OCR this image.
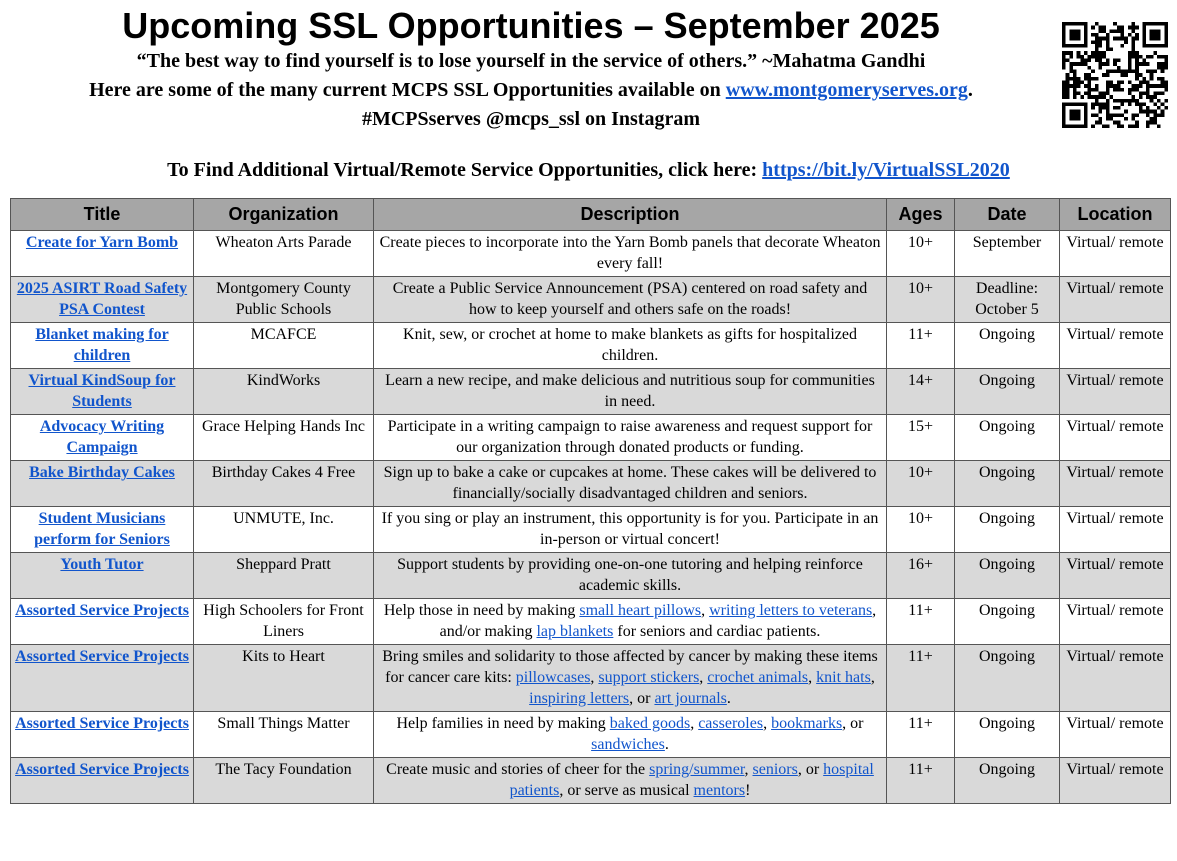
Upcoming SSL Opportunities – September 2025
“The best way to find yourself is to lose yourself in the service of others.” ~Mahatma Gandhi
Here are some of the many current MCPS SSL Opportunities available on www.montgomeryserves.org.
#MCPSserves @mcps_ssl on Instagram
To Find Additional Virtual/Remote Service Opportunities, click here: https://bit.ly/VirtualSSL2020
Title	Organization	Description	Ages	Date	Location
Create for Yarn Bomb	Wheaton Arts Parade	Create pieces to incorporate into the Yarn Bomb panels that decorate Wheaton every fall!	10+	September	Virtual/ remote
2025 ASIRT Road Safety PSA Contest	Montgomery County Public Schools	Create a Public Service Announcement (PSA) centered on road safety and how to keep yourself and others safe on the roads!	10+	Deadline: October 5	Virtual/ remote
Blanket making for children	MCAFCE	Knit, sew, or crochet at home to make blankets as gifts for hospitalized children.	11+	Ongoing	Virtual/ remote
Virtual KindSoup for Students	KindWorks	Learn a new recipe, and make delicious and nutritious soup for communities in need.	14+	Ongoing	Virtual/ remote
Advocacy Writing Campaign	Grace Helping Hands Inc	Participate in a writing campaign to raise awareness and request support for our organization through donated products or funding.	15+	Ongoing	Virtual/ remote
Bake Birthday Cakes	Birthday Cakes 4 Free	Sign up to bake a cake or cupcakes at home. These cakes will be delivered to financially/socially disadvantaged children and seniors.	10+	Ongoing	Virtual/ remote
Student Musicians perform for Seniors	UNMUTE, Inc.	If you sing or play an instrument, this opportunity is for you. Participate in an in-person or virtual concert!	10+	Ongoing	Virtual/ remote
Youth Tutor	Sheppard Pratt	Support students by providing one-on-one tutoring and helping reinforce academic skills.	16+	Ongoing	Virtual/ remote
Assorted Service Projects	High Schoolers for Front Liners	Help those in need by making small heart pillows, writing letters to veterans, and/or making lap blankets for seniors and cardiac patients.	11+	Ongoing	Virtual/ remote
Assorted Service Projects	Kits to Heart	Bring smiles and solidarity to those affected by cancer by making these items for cancer care kits: pillowcases, support stickers, crochet animals, knit hats, inspiring letters, or art journals.	11+	Ongoing	Virtual/ remote
Assorted Service Projects	Small Things Matter	Help families in need by making baked goods, casseroles, bookmarks, or sandwiches.	11+	Ongoing	Virtual/ remote
Assorted Service Projects	The Tacy Foundation	Create music and stories of cheer for the spring/summer, seniors, or hospital patients, or serve as musical mentors!	11+	Ongoing	Virtual/ remote
